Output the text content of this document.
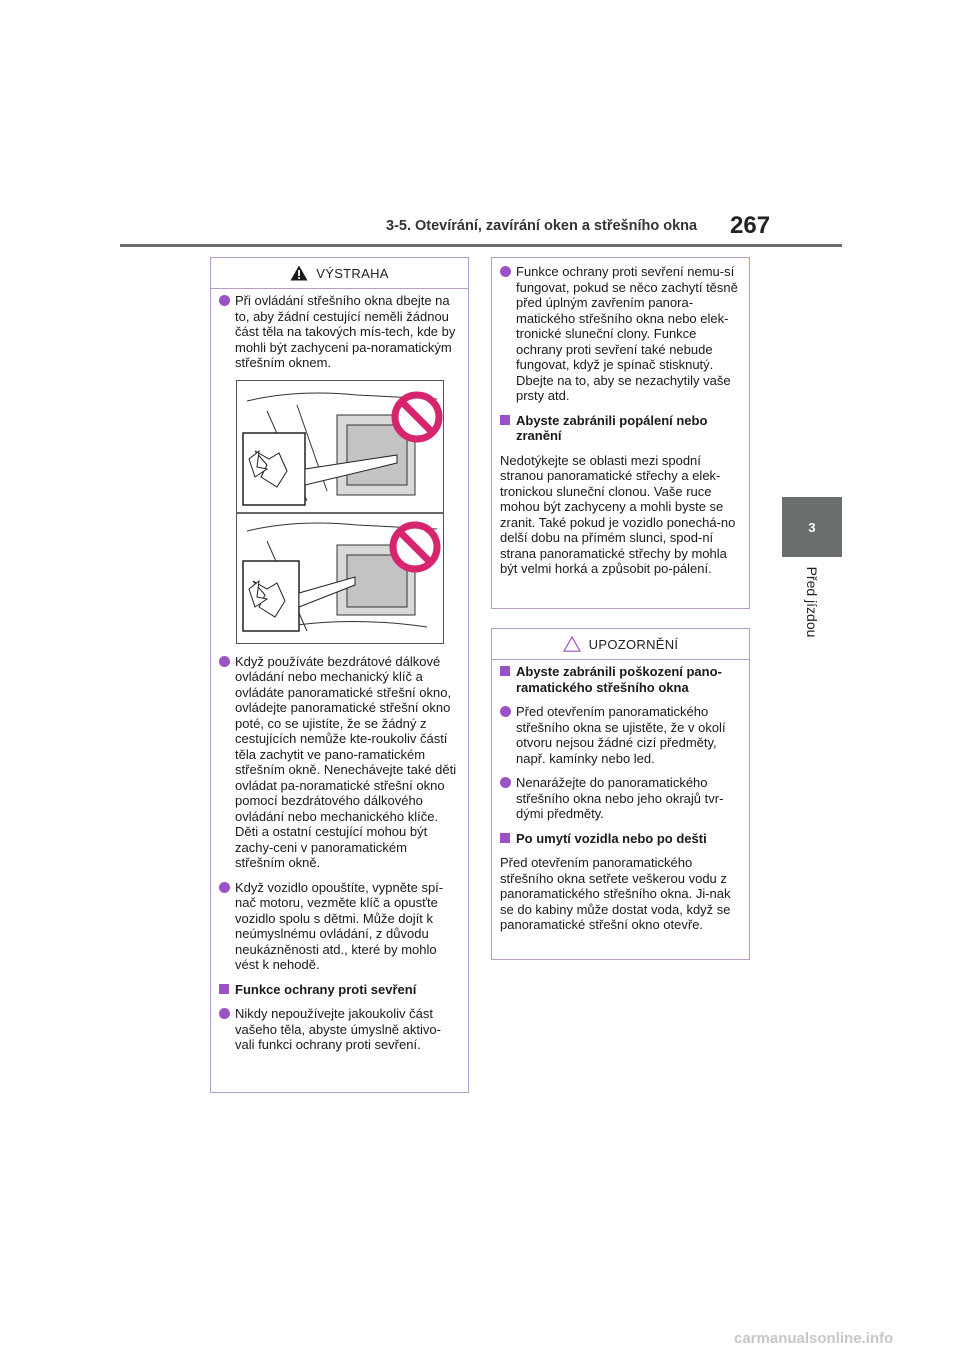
3-5. Otevírání, zavírání oken a střešního okna	267
3
Před jízdou
VÝSTRAHA

Při ovládání střešního okna dbejte na to, aby žádní cestující neměli žádnou část těla na takových mís-tech, kde by mohli být zachyceni pa-noramatickým střešním oknem.

Když používáte bezdrátové dálkové ovládání nebo mechanický klíč a ovládáte panoramatické střešní okno, ovládejte panoramatické střešní okno poté, co se ujistíte, že se žádný z cestujících nemůže kte-roukoliv částí těla zachytit ve pano-ramatickém střešním okně. Nenechávejte také děti ovládat pa-noramatické střešní okno pomocí bezdrátového dálkového ovládání nebo mechanického klíče. Děti a ostatní cestující mohou být zachy-ceni v panoramatickém střešním okně.

Když vozidlo opouštíte, vypněte spí-nač motoru, vezměte klíč a opusťte vozidlo spolu s dětmi. Může dojít k neúmyslnému ovládání, z důvodu neukázněnosti atd., které by mohlo vést k nehodě.

Funkce ochrany proti sevření

Nikdy nepoužívejte jakoukoliv část vašeho těla, abyste úmyslně aktivo-vali funkci ochrany proti sevření.

Funkce ochrany proti sevření nemu-sí fungovat, pokud se něco zachytí těsně před úplným zavřením panora-matického střešního okna nebo elek-tronické sluneční clony. Funkce ochrany proti sevření také nebude fungovat, když je spínač stisknutý. Dbejte na to, aby se nezachytily vaše prsty atd.

Abyste zabránili popálení nebo zranění

Nedotýkejte se oblasti mezi spodní stranou panoramatické střechy a elek-tronickou sluneční clonou. Vaše ruce mohou být zachyceny a mohli byste se zranit. Také pokud je vozidlo ponechá-no delší dobu na přímém slunci, spod-ní strana panoramatické střechy by mohla být velmi horká a způsobit po-pálení.

UPOZORNĚNÍ

Abyste zabránili poškození pano-ramatického střešního okna

Před otevřením panoramatického střešního okna se ujistěte, že v okolí otvoru nejsou žádné cizí předměty, např. kamínky nebo led.

Nenarážejte do panoramatického střešního okna nebo jeho okrajů tvr-dými předměty.

Po umytí vozidla nebo po dešti

Před otevřením panoramatického střešního okna setřete veškerou vodu z panoramatického střešního okna. Ji-nak se do kabiny může dostat voda, když se panoramatické střešní okno otevře.

carmanualsonline.info
